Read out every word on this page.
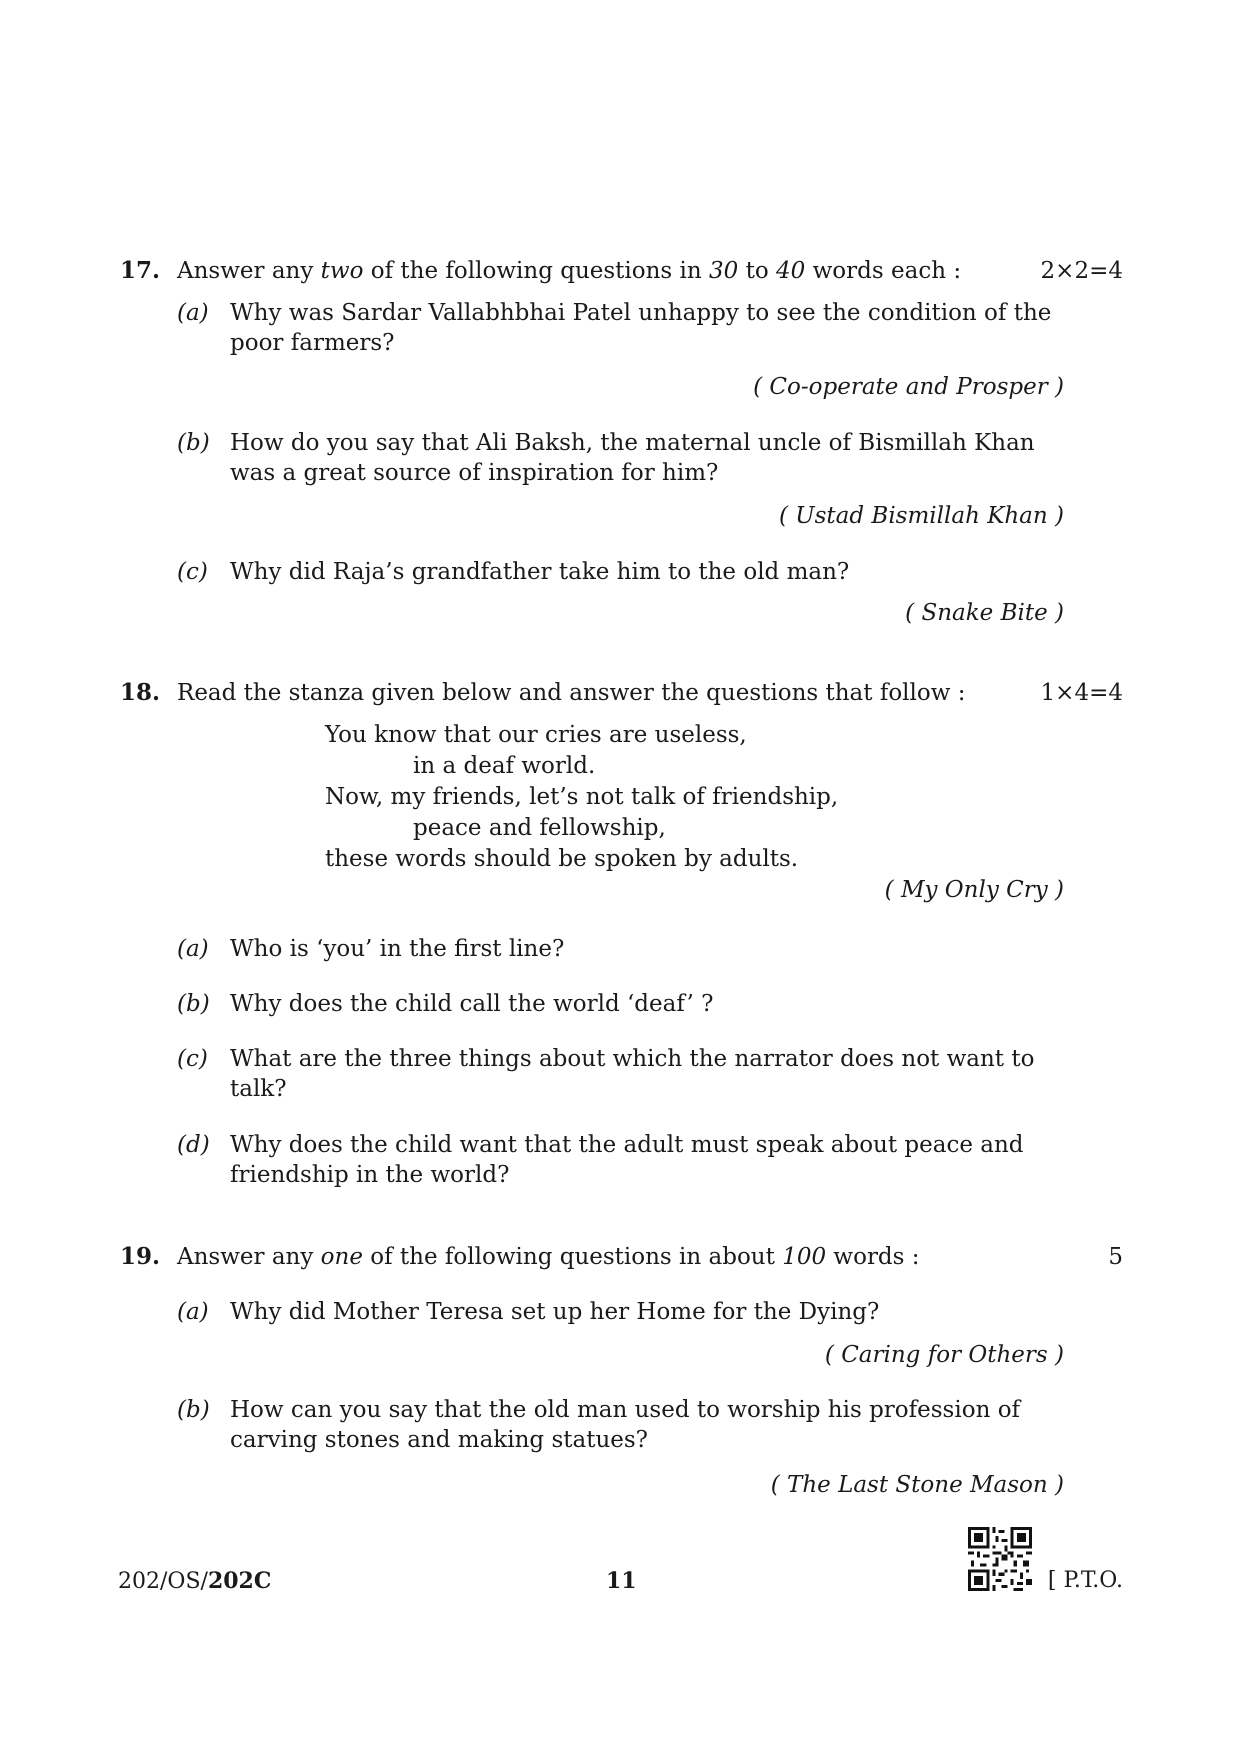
17. Answer any two of the following questions in 30 to 40 words each :	2×2=4
(a) Why was Sardar Vallabhbhai Patel unhappy to see the condition of the
poor farmers?
( Co-operate and Prosper )
(b) How do you say that Ali Baksh, the maternal uncle of Bismillah Khan
was a great source of inspiration for him?
( Ustad Bismillah Khan )
(c) Why did Raja’s grandfather take him to the old man?
( Snake Bite )
18. Read the stanza given below and answer the questions that follow :	1×4=4
You know that our cries are useless,
in a deaf world.
Now, my friends, let’s not talk of friendship,
peace and fellowship,
these words should be spoken by adults.
( My Only Cry )
(a) Who is ‘you’ in the first line?
(b) Why does the child call the world ‘deaf’ ?
(c) What are the three things about which the narrator does not want to
talk?
(d) Why does the child want that the adult must speak about peace and
friendship in the world?
19. Answer any one of the following questions in about 100 words :	5
(a) Why did Mother Teresa set up her Home for the Dying?
( Caring for Others )
(b) How can you say that the old man used to worship his profession of
carving stones and making statues?
( The Last Stone Mason )
202/OS/202C	11	[ P.T.O.
